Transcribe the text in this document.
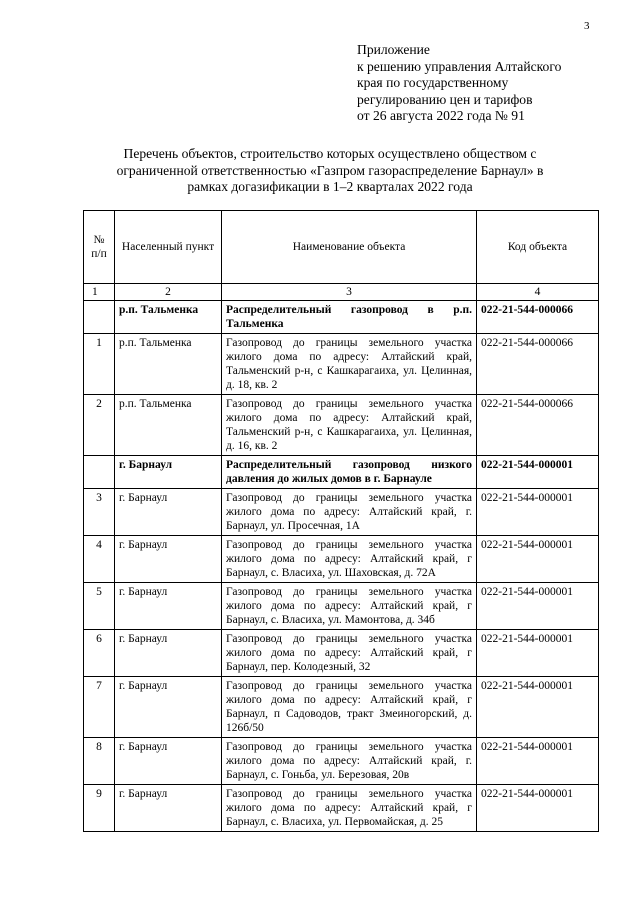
3
Приложение
к решению управления Алтайского
края по государственному
регулированию цен и тарифов
от 26 августа 2022 года № 91
Перечень объектов, строительство которых осуществлено обществом с
ограниченной ответственностью «Газпром газораспределение Барнаул» в
рамках догазификации в 1–2 кварталах 2022 года
№ п/п	Населенный пункт	Наименование объекта	Код объекта
1	2	3	4
	р.п. Тальменка	Распределительный газопровод в р.п. Тальменка	022-21-544-000066
1	р.п. Тальменка	Газопровод до границы земельного участка жилого дома по адресу: Алтайский край, Тальменский р-н, с Кашкарагаиха, ул. Целинная, д. 18, кв. 2	022-21-544-000066
2	р.п. Тальменка	Газопровод до границы земельного участка жилого дома по адресу: Алтайский край, Тальменский р-н, с Кашкарагаиха, ул. Целинная, д. 16, кв. 2	022-21-544-000066
	г. Барнаул	Распределительный газопровод низкого давления до жилых домов в г. Барнауле	022-21-544-000001
3	г. Барнаул	Газопровод до границы земельного участка жилого дома по адресу: Алтайский край, г. Барнаул, ул. Просечная, 1А	022-21-544-000001
4	г. Барнаул	Газопровод до границы земельного участка жилого дома по адресу: Алтайский край, г Барнаул, с. Власиха, ул. Шаховская, д. 72А	022-21-544-000001
5	г. Барнаул	Газопровод до границы земельного участка жилого дома по адресу: Алтайский край, г Барнаул, с. Власиха, ул. Мамонтова, д. 34б	022-21-544-000001
6	г. Барнаул	Газопровод до границы земельного участка жилого дома по адресу: Алтайский край, г Барнаул, пер. Колодезный, 32	022-21-544-000001
7	г. Барнаул	Газопровод до границы земельного участка жилого дома по адресу: Алтайский край, г Барнаул, п Садоводов, тракт Змеиногорский, д. 126б/50	022-21-544-000001
8	г. Барнаул	Газопровод до границы земельного участка жилого дома по адресу: Алтайский край, г. Барнаул, с. Гоньба, ул. Березовая, 20в	022-21-544-000001
9	г. Барнаул	Газопровод до границы земельного участка жилого дома по адресу: Алтайский край, г Барнаул, с. Власиха, ул. Первомайская, д. 25	022-21-544-000001
